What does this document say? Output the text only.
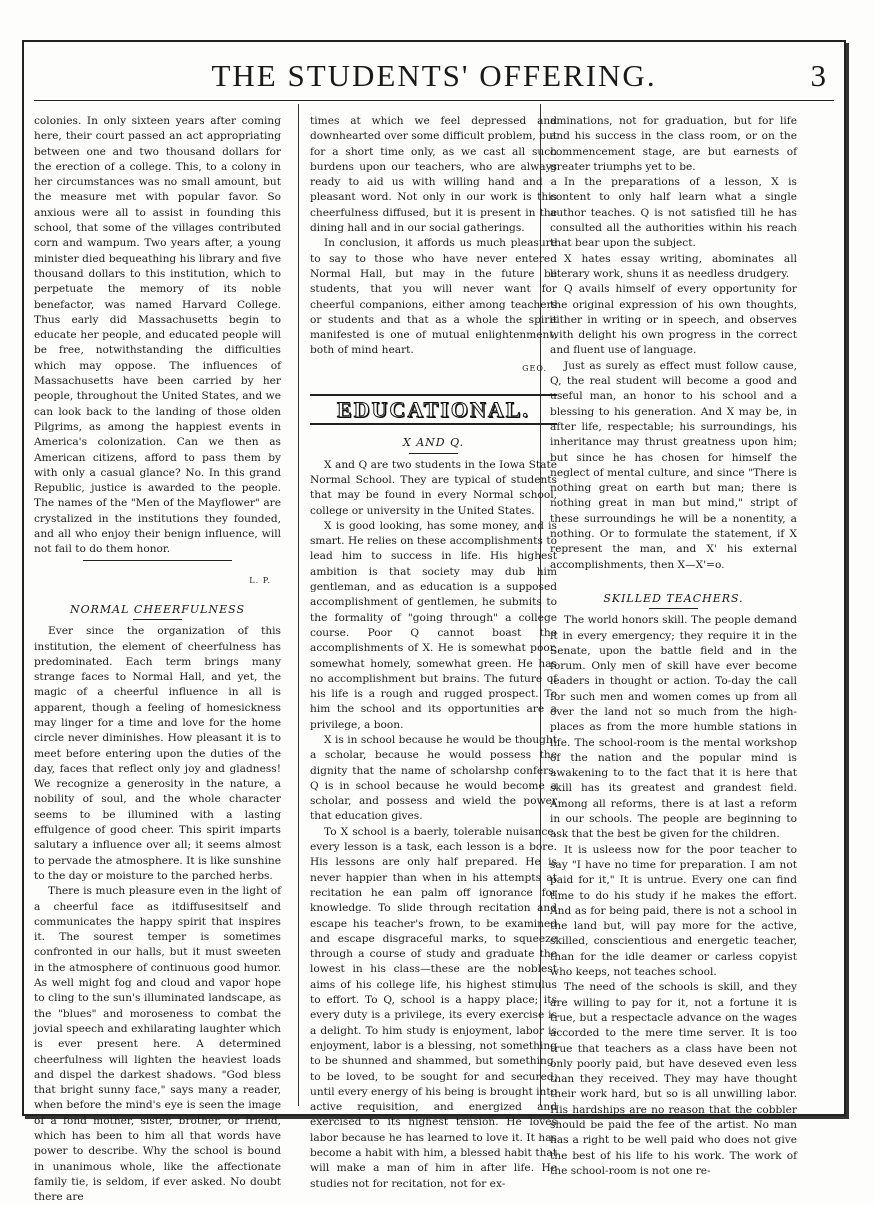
THE STUDENTS' OFFERING.	3

colonies. In only sixteen years after coming here, their court passed an act appropriating between one and two thousand dollars for the erection of a college. This, to a colony in her circumstances was no small amount, but the measure met with popular favor. So anxious were all to assist in founding this school, that some of the villages contributed corn and wampum. Two years after, a young minister died bequeathing his library and five thousand dollars to this institution, which to perpetuate the memory of its noble benefactor, was named Harvard College. Thus early did Massachusetts begin to educate her people, and educated people will be free, notwithstanding the difficulties which may oppose. The influences of Massachusetts have been carried by her people, throughout the United States, and we can look back to the landing of those olden Pilgrims, as among the happiest events in America's colonization. Can we then as American citizens, afford to pass them by with only a casual glance? No. In this grand Republic, justice is awarded to the people. The names of the "Men of the Mayflower" are crystalized in the institutions they founded, and all who enjoy their benign influence, will not fail to do them honor.

L. P.
NORMAL CHEERFULNESS

Ever since the organization of this institution, the element of cheerfulness has predominated. Each term brings many strange faces to Normal Hall, and yet, the magic of a cheerful influence in all is apparent, though a feeling of homesickness may linger for a time and love for the home circle never diminishes. How pleasant it is to meet before entering upon the duties of the day, faces that reflect only joy and gladness! We recognize a generosity in the nature, a nobility of soul, and the whole character seems to be illumined with a lasting effulgence of good cheer. This spirit imparts salutary a influence over all; it seems almost to pervade the atmosphere. It is like sunshine to the day or moisture to the parched herbs.

There is much pleasure even in the light of a cheerful face as itdiffusesitself and communicates the happy spirit that inspires it. The sourest temper is sometimes confronted in our halls, but it must sweeten in the atmosphere of continuous good humor. As well might fog and cloud and vapor hope to cling to the sun's illuminated landscape, as the "blues" and moroseness to combat the jovial speech and exhilarating laughter which is ever present here. A determined cheerfulness will lighten the heaviest loads and dispel the darkest shadows. "God bless that bright sunny face," says many a reader, when before the mind's eye is seen the image of a fond mother, sister, brother, or friend, which has been to him all that words have power to describe. Why the school is bound in unanimous whole, like the affectionate family tie, is seldom, if ever asked. No doubt there are

times at which we feel depressed and downhearted over some difficult problem, but for a short time only, as we cast all such burdens upon our teachers, who are always ready to aid us with willing hand and a pleasant word. Not only in our work is this cheerfulness diffused, but it is present in the dining hall and in our social gatherings.

In conclusion, it affords us much pleasure to say to those who have never entered Normal Hall, but may in the future be students, that you will never want for cheerful companions, either among teachers or students and that as a whole the spirit manifested is one of mutual enlightenment, both of mind heart.

GEO.
EDUCATIONAL.
X AND Q.

X and Q are two students in the Iowa State Normal School. They are typical of students that may be found in every Normal school, college or university in the United States.

X is good looking, has some money, and is smart. He relies on these accomplishments to lead him to success in life. His highest ambition is that society may dub him gentleman, and as education is a supposed accomplishment of gentlemen, he submits to the formality of "going through" a college course. Poor Q cannot boast the accomplishments of X. He is somewhat poor, somewhat homely, somewhat green. He has no accomplishment but brains. The future of his life is a rough and rugged prospect. To him the school and its opportunities are a privilege, a boon.

X is in school because he would be thought a scholar, because he would possess the dignity that the name of scholarshp confers. Q is in school because he would become a scholar, and possess and wield the power that education gives.

To X school is a baerly, tolerable nuisance, every lesson is a task, each lesson is a bore. His lessons are only half prepared. He is never happier than when in his attempts at recitation he ean palm off ignorance for knowledge. To slide through recitation and escape his teacher's frown, to be examined and escape disgraceful marks, to squeeze through a course of study and graduate the lowest in his class—these are the noblest aims of his college life, his highest stimulus to effort. To Q, school is a happy place; its every duty is a privilege, its every exercise is a delight. To him study is enjoyment, labor is enjoyment, labor is a blessing, not something to be shunned and shammed, but something, to be loved, to be sought for and secured, until every energy of his being is brought into active requisition, and energized and exercised to its highest tension. He loves labor because he has learned to love it. It has become a habit with him, a blessed habit that will make a man of him in after life. He studies not for recitation, not for ex-

aminations, not for graduation, but for life and his success in the class room, or on the commencement stage, are but earnests of greater triumphs yet to be.

In the preparations of a lesson, X is content to only half learn what a single author teaches. Q is not satisfied till he has consulted all the authorities within his reach that bear upon the subject.

X hates essay writing, abominates all literary work, shuns it as needless drudgery.

Q avails himself of every opportunity for the original expression of his own thoughts, either in writing or in speech, and observes with delight his own progress in the correct and fluent use of language.

Just as surely as effect must follow cause, Q, the real student will become a good and useful man, an honor to his school and a blessing to his generation. And X may be, in after life, respectable; his surroundings, his inheritance may thrust greatness upon him; but since he has chosen for himself the neglect of mental culture, and since "There is nothing great on earth but man; there is nothing great in man but mind," stript of these surroundings he will be a nonentity, a nothing. Or to formulate the statement, if X represent the man, and X' his external accomplishments, then X—X'=o.

SKILLED TEACHERS.

The world honors skill. The people demand it in every emergency; they require it in the Senate, upon the battle field and in the forum. Only men of skill have ever become leaders in thought or action. To-day the call for such men and women comes up from all over the land not so much from the high-places as from the more humble stations in life. The school-room is the mental workshop of the nation and the popular mind is awakening to to the fact that it is here that skill has its greatest and grandest field. Among all reforms, there is at last a reform in our schools. The people are beginning to ask that the best be given for the children.

It is usleess now for the poor teacher to say "I have no time for preparation. I am not paid for it," It is untrue. Every one can find time to do his study if he makes the effort. And as for being paid, there is not a school in the land but, will pay more for the active, skilled, conscientious and energetic teacher, than for the idle deamer or carless copyist who keeps, not teaches school.

The need of the schools is skill, and they are willing to pay for it, not a fortune it is true, but a respectacle advance on the wages accorded to the mere time server. It is too true that teachers as a class have been not only poorly paid, but have deseved even less than they received. They may have thought their work hard, but so is all unwilling labor. His hardships are no reason that the cobbler should be paid the fee of the artist. No man has a right to be well paid who does not give the best of his life to his work. The work of the school-room is not one re-
